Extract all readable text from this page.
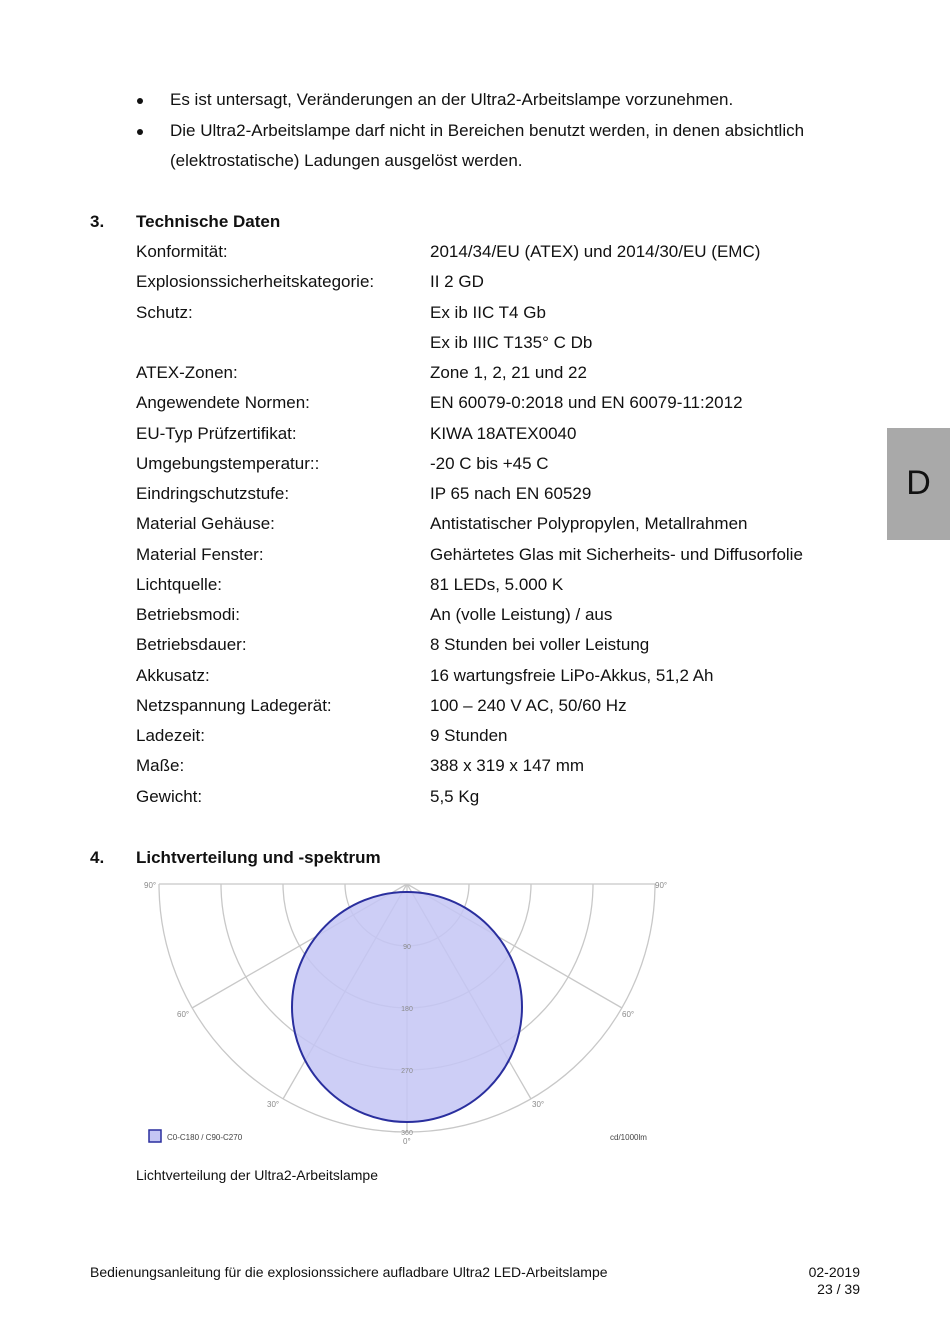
Es ist untersagt, Veränderungen an der Ultra2-Arbeitslampe vorzunehmen.
Die Ultra2-Arbeitslampe darf nicht in Bereichen benutzt werden, in denen absichtlich
(elektrostatische) Ladungen ausgelöst werden.
3. Technische Daten
Konformität:	2014/34/EU (ATEX) und 2014/30/EU (EMC)
Explosionssicherheitskategorie:	II 2 GD
Schutz:	Ex ib IIC T4 Gb
Ex ib IIIC T135° C Db
ATEX-Zonen:	Zone 1, 2, 21 und 22
Angewendete Normen:	EN 60079-0:2018 und EN 60079-11:2012
EU-Typ Prüfzertifikat:	KIWA 18ATEX0040
Umgebungstemperatur::	-20 C bis +45 C
Eindringschutzstufe:	IP 65 nach EN 60529
Material Gehäuse:	Antistatischer Polypropylen, Metallrahmen
Material Fenster:	Gehärtetes Glas mit Sicherheits- und Diffusorfolie
Lichtquelle:	81 LEDs, 5.000 K
Betriebsmodi:	An (volle Leistung) / aus
Betriebsdauer:	8 Stunden bei voller Leistung
Akkusatz:	16 wartungsfreie LiPo-Akkus, 51,2 Ah
Netzspannung Ladegerät:	100 – 240 V AC, 50/60 Hz
Ladezeit:	9 Stunden
Maße:	388 x 319 x 147 mm
Gewicht:	5,5 Kg
D
4. Lichtverteilung und -spektrum
90
180
270
360
90°	90°
60°	60°
30°	30°
0°
C0-C180 / C90-C270	cd/1000lm
Lichtverteilung der Ultra2-Arbeitslampe
Bedienungsanleitung für die explosionssichere aufladbare Ultra2 LED-Arbeitslampe	02-2019
23 / 39
